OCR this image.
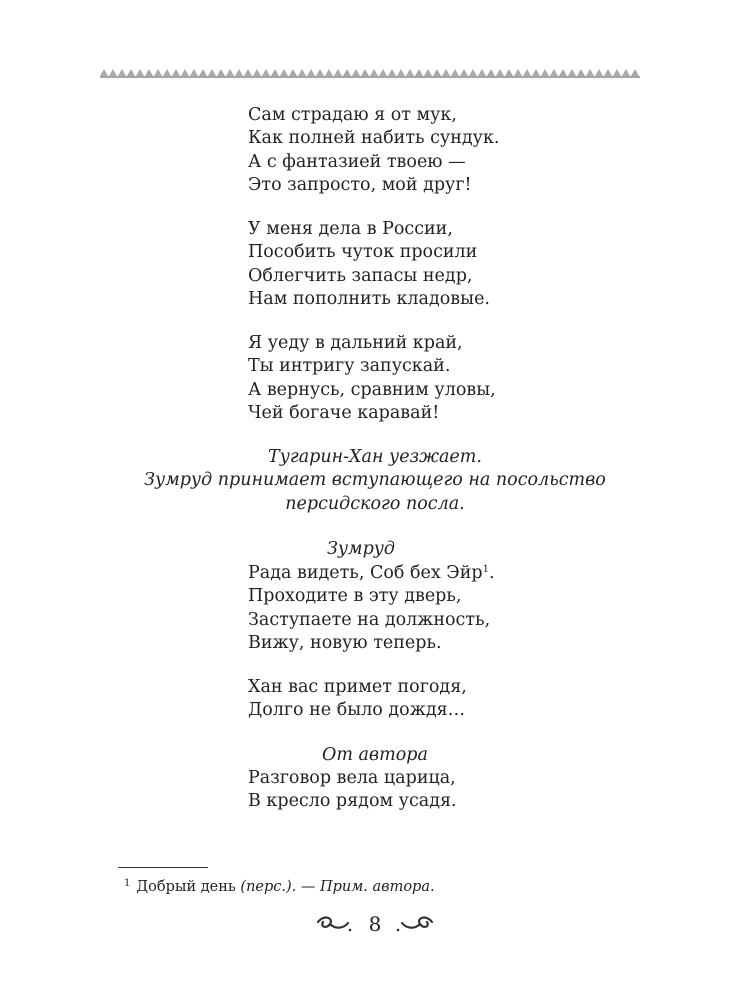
Сам страдаю я от мук,
Как полней набить сундук.
А с фантазией твоею —
Это запросто, мой друг!
У меня дела в России,
Пособить чуток просили
Облегчить запасы недр,
Нам пополнить кладовые.
Я уеду в дальний край,
Ты интригу запускай.
А вернусь, сравним уловы,
Чей богаче каравай!
Тугарин-Хан уезжает.
Зумруд принимает вступающего на посольство
персидского посла.
Зумруд
Рада видеть, Соб бех Эйр$^1$.
Проходите в эту дверь,
Заступаете на должность,
Вижу, новую теперь.
Хан вас примет погодя,
Долго не было дождя…
От автора
Разговор вела царица,
В кресло рядом усадя.
$^1$ Добрый день (перс.). — Прим. автора.
8
